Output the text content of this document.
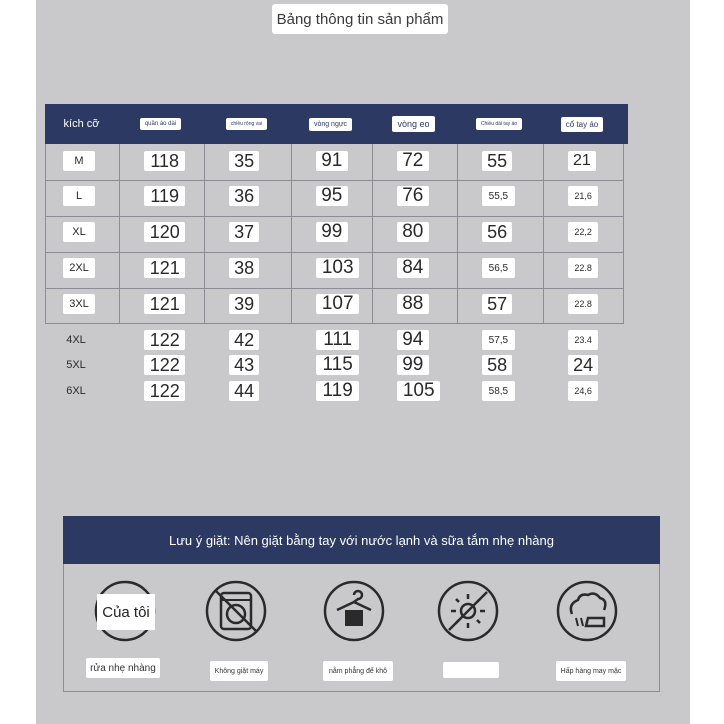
Bảng thông tin sản phẩm
kích cỡ	quần áo dài	chiều rộng vai	vòng ngực	vòng eo	Chiều dài tay áo	cổ tay áo
M	118	35	91	72	55	21
L	119	36	95	76	55,5	21,6
XL	120	37	99	80	56	22,2
2XL	121	38	103	84	56,5	22.8
3XL	121	39	107	88	57	22.8
4XL	122	42	111	94	57,5	23.4
5XL	122	43	115	99	58	24
6XL	122	44	119	105	58,5	24,6
Lưu ý giặt: Nên giặt bằng tay với nước lạnh và sữa tắm nhẹ nhàng
Của tôi
rửa nhẹ nhàng	Không giặt máy	nằm phẳng để khô	Hấp hàng may mặc
